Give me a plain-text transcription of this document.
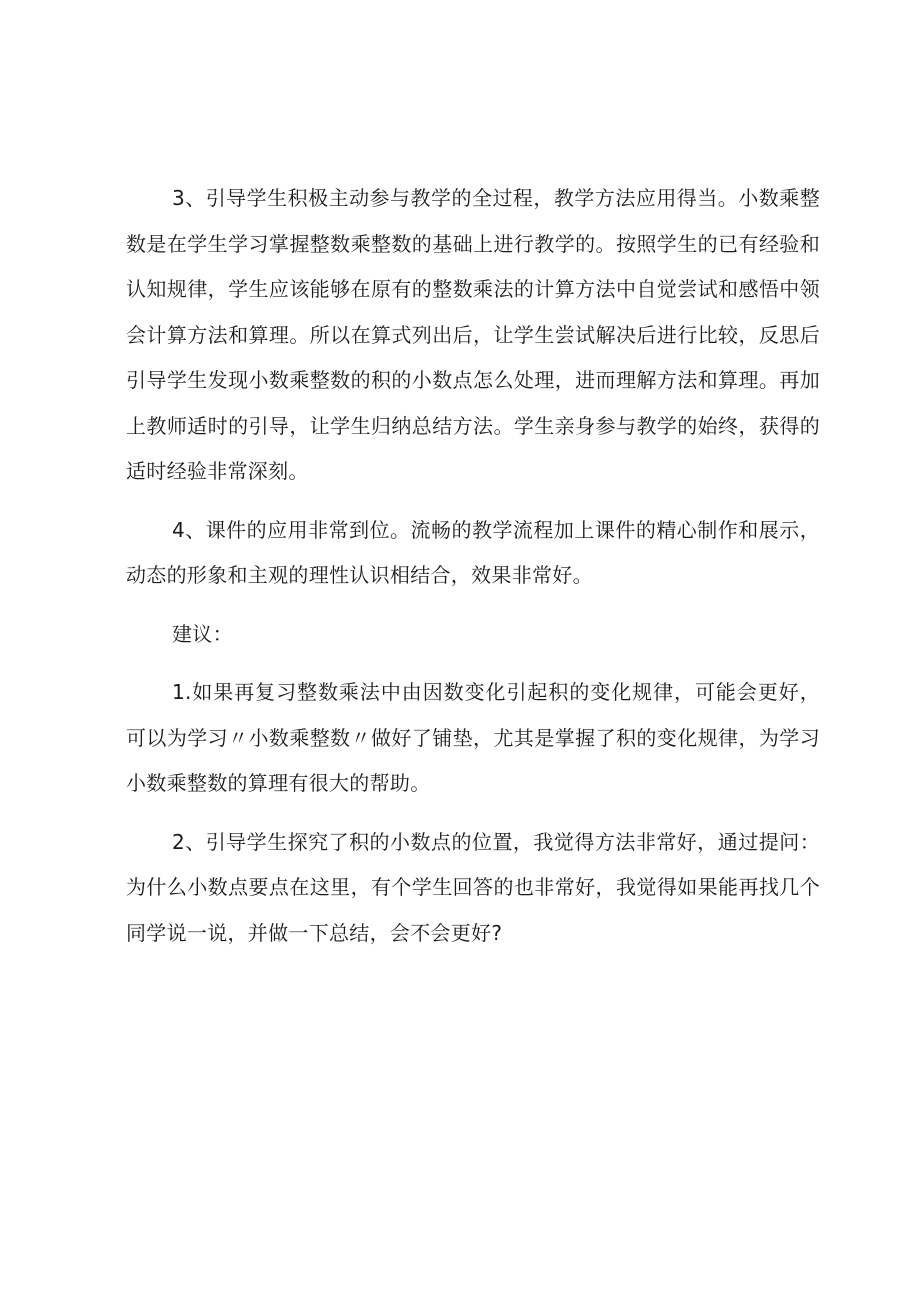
3、引导学生积极主动参与教学的全过程，教学方法应用得当。小数乘整数是在学生学习掌握整数乘整数的基础上进行教学的。按照学生的已有经验和认知规律，学生应该能够在原有的整数乘法的计算方法中自觉尝试和感悟中领会计算方法和算理。所以在算式列出后，让学生尝试解决后进行比较，反思后引导学生发现小数乘整数的积的小数点怎么处理，进而理解方法和算理。再加上教师适时的引导，让学生归纳总结方法。学生亲身参与教学的始终，获得的适时经验非常深刻。

4、课件的应用非常到位。流畅的教学流程加上课件的精心制作和展示，动态的形象和主观的理性认识相结合，效果非常好。

建议：

1.如果再复习整数乘法中由因数变化引起积的变化规律，可能会更好，可以为学习〃小数乘整数〃做好了铺垫，尤其是掌握了积的变化规律，为学习小数乘整数的算理有很大的帮助。

2、引导学生探究了积的小数点的位置，我觉得方法非常好，通过提问：为什么小数点要点在这里，有个学生回答的也非常好，我觉得如果能再找几个同学说一说，并做一下总结，会不会更好?
